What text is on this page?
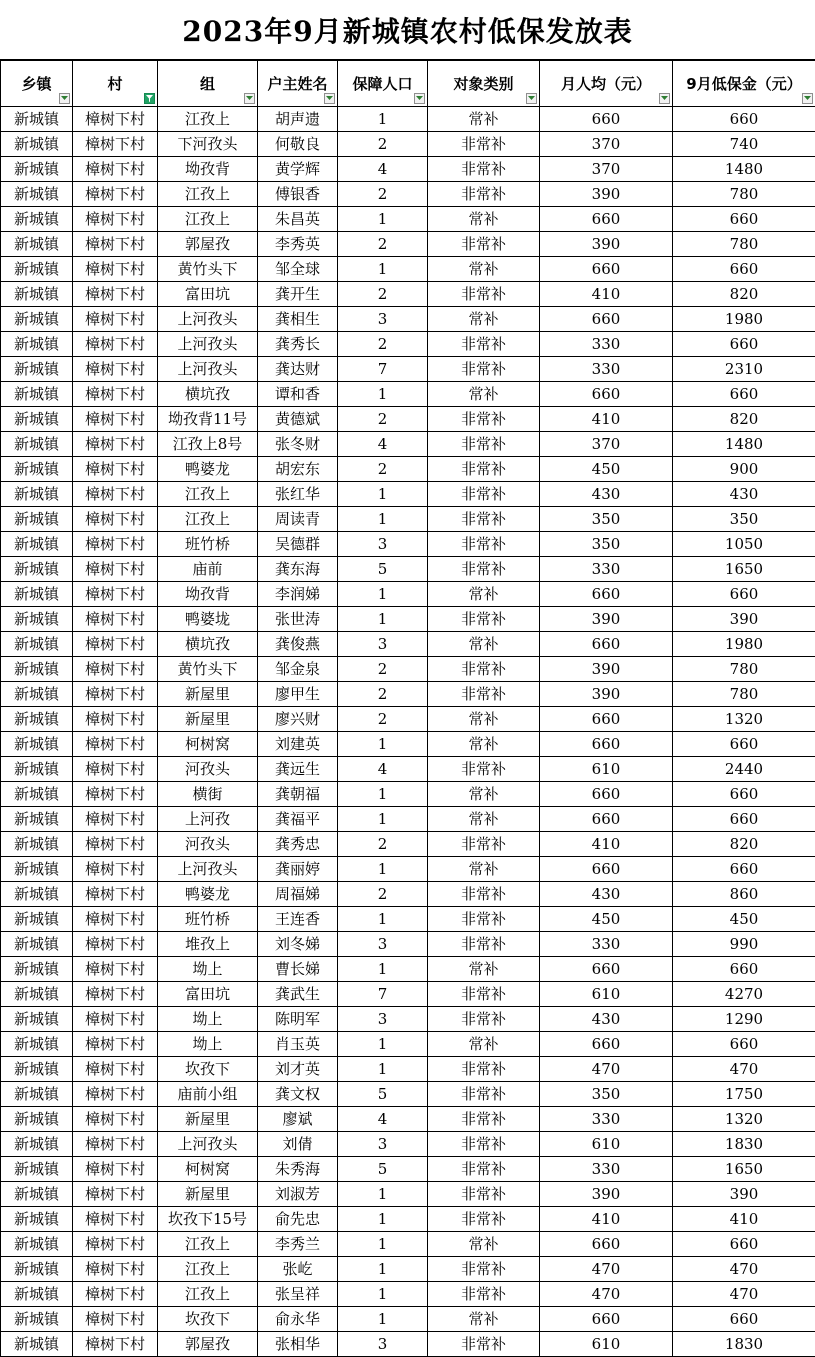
2023年9月新城镇农村低保发放表
乡镇	村	组	户主姓名	保障人口	对象类别	月人均（元）	9月低保金（元）

新城镇	樟树下村	江孜上	胡声遗	1	常补	660	660
新城镇	樟树下村	下河孜头	何敬良	2	非常补	370	740
新城镇	樟树下村	坳孜背	黄学辉	4	非常补	370	1480
新城镇	樟树下村	江孜上	傅银香	2	非常补	390	780
新城镇	樟树下村	江孜上	朱昌英	1	常补	660	660
新城镇	樟树下村	郭屋孜	李秀英	2	非常补	390	780
新城镇	樟树下村	黄竹头下	邹全球	1	常补	660	660
新城镇	樟树下村	富田坑	龚开生	2	非常补	410	820
新城镇	樟树下村	上河孜头	龚相生	3	常补	660	1980
新城镇	樟树下村	上河孜头	龚秀长	2	非常补	330	660
新城镇	樟树下村	上河孜头	龚达财	7	非常补	330	2310
新城镇	樟树下村	横坑孜	谭和香	1	常补	660	660
新城镇	樟树下村	坳孜背11号	黄德斌	2	非常补	410	820
新城镇	樟树下村	江孜上8号	张冬财	4	非常补	370	1480
新城镇	樟树下村	鸭婆龙	胡宏东	2	非常补	450	900
新城镇	樟树下村	江孜上	张红华	1	非常补	430	430
新城镇	樟树下村	江孜上	周读青	1	非常补	350	350
新城镇	樟树下村	班竹桥	吴德群	3	非常补	350	1050
新城镇	樟树下村	庙前	龚东海	5	非常补	330	1650
新城镇	樟树下村	坳孜背	李润娣	1	常补	660	660
新城镇	樟树下村	鸭婆垅	张世涛	1	非常补	390	390
新城镇	樟树下村	横坑孜	龚俊燕	3	常补	660	1980
新城镇	樟树下村	黄竹头下	邹金泉	2	非常补	390	780
新城镇	樟树下村	新屋里	廖甲生	2	非常补	390	780
新城镇	樟树下村	新屋里	廖兴财	2	常补	660	1320
新城镇	樟树下村	柯树窝	刘建英	1	常补	660	660
新城镇	樟树下村	河孜头	龚远生	4	非常补	610	2440
新城镇	樟树下村	横街	龚朝福	1	常补	660	660
新城镇	樟树下村	上河孜	龚福平	1	常补	660	660
新城镇	樟树下村	河孜头	龚秀忠	2	非常补	410	820
新城镇	樟树下村	上河孜头	龚丽婷	1	常补	660	660
新城镇	樟树下村	鸭婆龙	周福娣	2	非常补	430	860
新城镇	樟树下村	班竹桥	王连香	1	非常补	450	450
新城镇	樟树下村	堆孜上	刘冬娣	3	非常补	330	990
新城镇	樟树下村	坳上	曹长娣	1	常补	660	660
新城镇	樟树下村	富田坑	龚武生	7	非常补	610	4270
新城镇	樟树下村	坳上	陈明军	3	非常补	430	1290
新城镇	樟树下村	坳上	肖玉英	1	常补	660	660
新城镇	樟树下村	坎孜下	刘才英	1	非常补	470	470
新城镇	樟树下村	庙前小组	龚文权	5	非常补	350	1750
新城镇	樟树下村	新屋里	廖斌	4	非常补	330	1320
新城镇	樟树下村	上河孜头	刘倩	3	非常补	610	1830
新城镇	樟树下村	柯树窝	朱秀海	5	非常补	330	1650
新城镇	樟树下村	新屋里	刘淑芳	1	非常补	390	390
新城镇	樟树下村	坎孜下15号	俞先忠	1	非常补	410	410
新城镇	樟树下村	江孜上	李秀兰	1	常补	660	660
新城镇	樟树下村	江孜上	张屹	1	非常补	470	470
新城镇	樟树下村	江孜上	张呈祥	1	非常补	470	470
新城镇	樟树下村	坎孜下	俞永华	1	常补	660	660
新城镇	樟树下村	郭屋孜	张相华	3	非常补	610	1830
